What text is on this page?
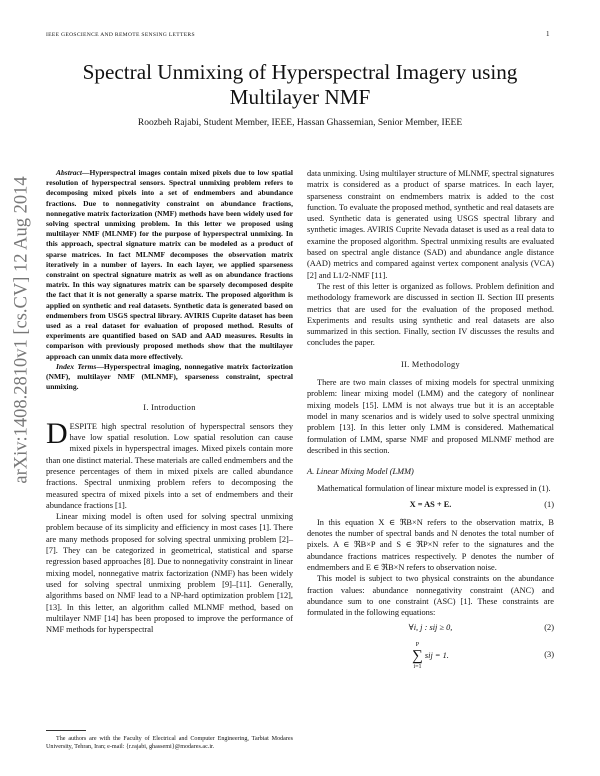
IEEE GEOSCIENCE AND REMOTE SENSING LETTERS	1
arXiv:1408.2810v1 [cs.CV] 12 Aug 2014
Spectral Unmixing of Hyperspectral Imagery using Multilayer NMF
Roozbeh Rajabi, Student Member, IEEE, Hassan Ghassemian, Senior Member, IEEE

Abstract—Hyperspectral images contain mixed pixels due to low spatial resolution of hyperspectral sensors. Spectral unmixing problem refers to decomposing mixed pixels into a set of endmembers and abundance fractions. Due to nonnegativity constraint on abundance fractions, nonnegative matrix factorization (NMF) methods have been widely used for solving spectral unmixing problem. In this letter we proposed using multilayer NMF (MLNMF) for the purpose of hyperspectral unmixing. In this approach, spectral signature matrix can be modeled as a product of sparse matrices. In fact MLNMF decomposes the observation matrix iteratively in a number of layers. In each layer, we applied sparseness constraint on spectral signature matrix as well as on abundance fractions matrix. In this way signatures matrix can be sparsely decomposed despite the fact that it is not generally a sparse matrix. The proposed algorithm is applied on synthetic and real datasets. Synthetic data is generated based on endmembers from USGS spectral library. AVIRIS Cuprite dataset has been used as a real dataset for evaluation of proposed method. Results of experiments are quantified based on SAD and AAD measures. Results in comparison with previously proposed methods show that the multilayer approach can unmix data more effectively.

Index Terms—Hyperspectral imaging, nonnegative matrix factorization (NMF), multilayer NMF (MLNMF), sparseness constraint, spectral unmixing.

I. Introduction

DESPITE high spectral resolution of hyperspectral sensors they have low spatial resolution. Low spatial resolution can cause mixed pixels in hyperspectral images. Mixed pixels contain more than one distinct material. These materials are called endmembers and the presence percentages of them in mixed pixels are called abundance fractions. Spectral unmixing problem refers to decomposing the measured spectra of mixed pixels into a set of endmembers and their abundance fractions [1].

Linear mixing model is often used for solving spectral unmixing problem because of its simplicity and efficiency in most cases [1]. There are many methods proposed for solving spectral unmixing problem [2]–[7]. They can be categorized in geometrical, statistical and sparse regression based approaches [8]. Due to nonnegativity constraint in linear mixing model, nonnegative matrix factorization (NMF) has been widely used for solving spectral unmixing problem [9]–[11]. Generally, algorithms based on NMF lead to a NP-hard optimization problem [12], [13]. In this letter, an algorithm called MLNMF method, based on multilayer NMF [14] has been proposed to improve the performance of NMF methods for hyperspectral

data unmixing. Using multilayer structure of MLNMF, spectral signatures matrix is considered as a product of sparse matrices. In each layer, sparseness constraint on endmembers matrix is added to the cost function. To evaluate the proposed method, synthetic and real datasets are used. Synthetic data is generated using USGS spectral library and synthetic images. AVIRIS Cuprite Nevada dataset is used as a real data to examine the proposed algorithm. Spectral unmixing results are evaluated based on spectral angle distance (SAD) and abundance angle distance (AAD) metrics and compared against vertex component analysis (VCA) [2] and L1/2-NMF [11].

The rest of this letter is organized as follows. Problem definition and methodology framework are discussed in section II. Section III presents metrics that are used for the evaluation of the proposed method. Experiments and results using synthetic and real datasets are also summarized in this section. Finally, section IV discusses the results and concludes the paper.

II. Methodology

There are two main classes of mixing models for spectral unmixing problem: linear mixing model (LMM) and the category of nonlinear mixing models [15]. LMM is not always true but it is an acceptable model in many scenarios and is widely used to solve spectral unmixing problem [13]. In this letter only LMM is considered. Mathematical formulation of LMM, sparse NMF and proposed MLNMF method are described in this section.

A. Linear Mixing Model (LMM)

Mathematical formulation of linear mixture model is expressed in (1).

X = AS + E.	(1)

In this equation X ∈ ℜB×N refers to the observation matrix, B denotes the number of spectral bands and N denotes the total number of pixels. A ∈ ℜB×P and S ∈ ℜP×N refer to the signatures and the abundance fractions matrices respectively. P denotes the number of endmembers and E ∈ ℜB×N refers to observation noise.

This model is subject to two physical constraints on the abundance fraction values: abundance nonnegativity constraint (ANC) and abundance sum to one constraint (ASC) [1]. These constraints are formulated in the following equations:

∀i, j : sij ≥ 0,	(2)
P
∑
i=1
sij = 1.	(3)

The authors are with the Faculty of Electrical and Computer Engineering, Tarbiat Modares University, Tehran, Iran; e-mail: {r.rajabi, ghassemi}@modares.ac.ir.
